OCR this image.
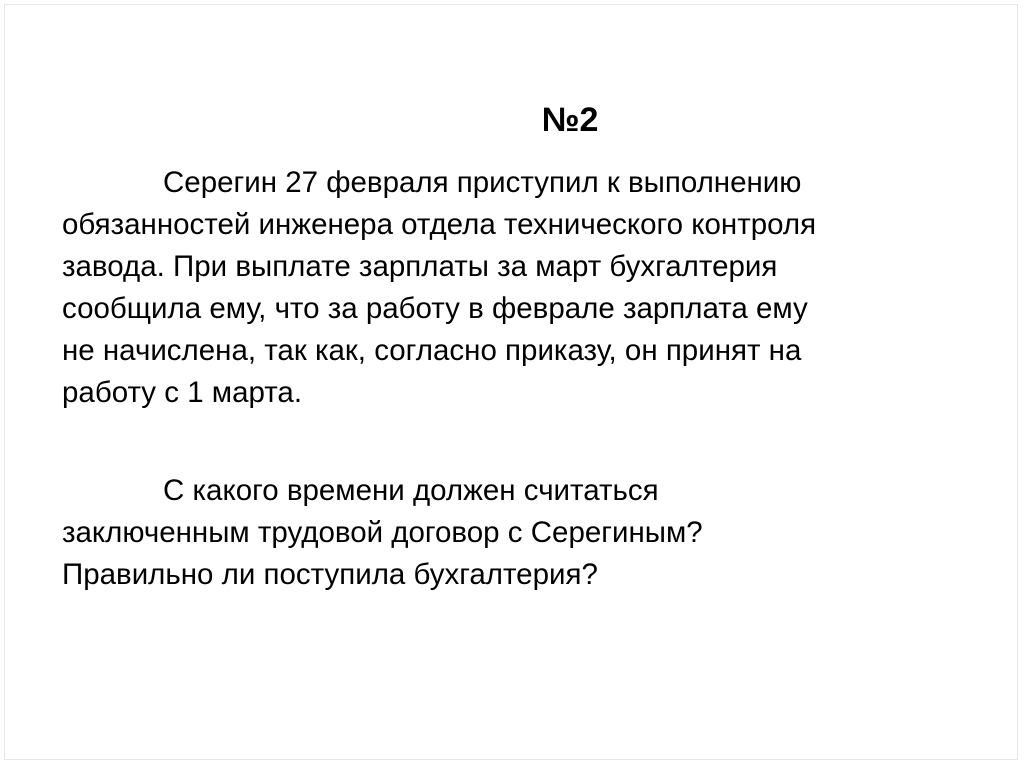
№2

Серегин 27 февраля приступил к выполнению
обязанностей инженера отдела технического контроля
завода. При выплате зарплаты за март бухгалтерия
сообщила ему, что за работу в феврале зарплата ему
не начислена, так как, согласно приказу, он принят на
работу с 1 марта.

С какого времени должен считаться
заключенным трудовой договор с Серегиным?
Правильно ли поступила бухгалтерия?
